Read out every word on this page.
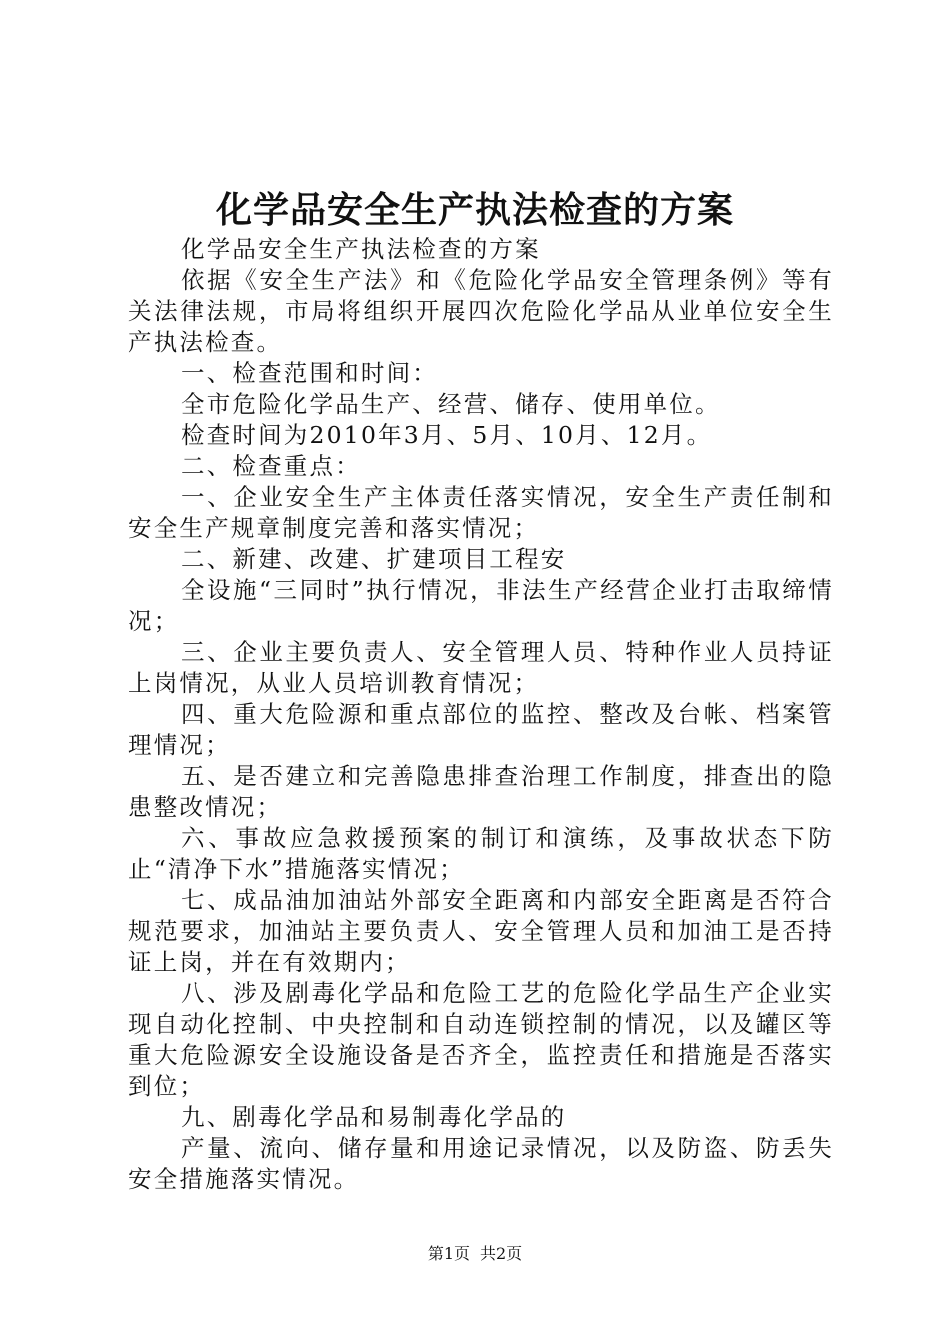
化学品安全生产执法检查的方案

化学品安全生产执法检查的方案

依据《安全生产法》和《危险化学品安全管理条例》等有关法律法规，市局将组织开展四次危险化学品从业单位安全生产执法检查。

一、检查范围和时间：

全市危险化学品生产、经营、储存、使用单位。

检查时间为2010年3月、5月、10月、12月。

二、检查重点：

一、企业安全生产主体责任落实情况，安全生产责任制和安全生产规章制度完善和落实情况；

二、新建、改建、扩建项目工程安

全设施“三同时”执行情况，非法生产经营企业打击取缔情况；

三、企业主要负责人、安全管理人员、特种作业人员持证上岗情况，从业人员培训教育情况；

四、重大危险源和重点部位的监控、整改及台帐、档案管理情况；

五、是否建立和完善隐患排查治理工作制度，排查出的隐患整改情况；

六、事故应急救援预案的制订和演练，及事故状态下防止“清净下水”措施落实情况；

七、成品油加油站外部安全距离和内部安全距离是否符合规范要求，加油站主要负责人、安全管理人员和加油工是否持证上岗，并在有效期内；

八、涉及剧毒化学品和危险工艺的危险化学品生产企业实现自动化控制、中央控制和自动连锁控制的情况，以及罐区等重大危险源安全设施设备是否齐全，监控责任和措施是否落实到位；

九、剧毒化学品和易制毒化学品的

产量、流向、储存量和用途记录情况，以及防盗、防丢失安全措施落实情况。

第1页 共2页
